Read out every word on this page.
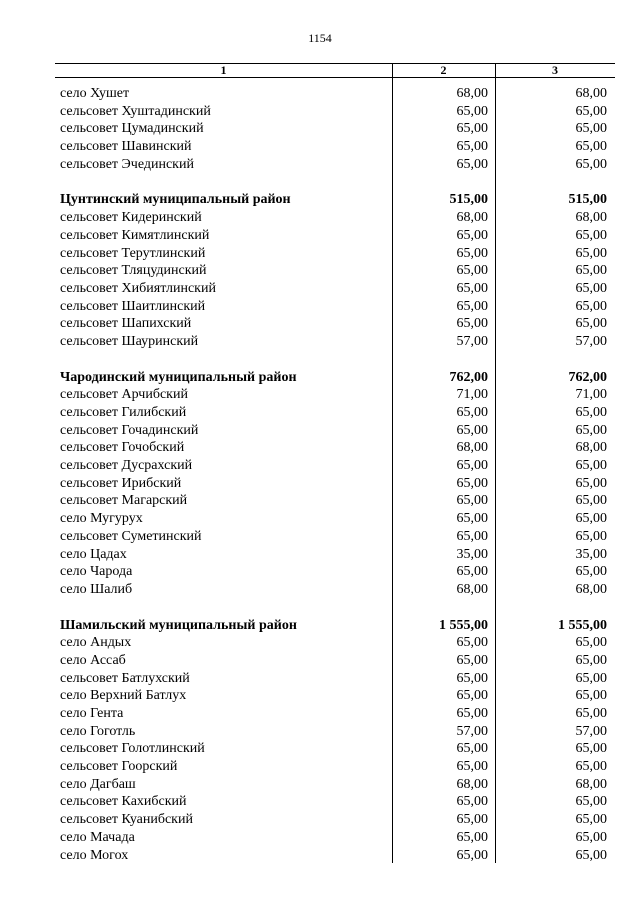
1154
1	2	3
село Хушет	68,00	68,00
сельсовет Хуштадинский	65,00	65,00
сельсовет Цумадинский	65,00	65,00
сельсовет Шавинский	65,00	65,00
сельсовет Эчединский	65,00	65,00
Цунтинский муниципальный район	515,00	515,00
сельсовет Кидеринский	68,00	68,00
сельсовет Кимятлинский	65,00	65,00
сельсовет Терутлинский	65,00	65,00
сельсовет Тляцудинский	65,00	65,00
сельсовет Хибиятлинский	65,00	65,00
сельсовет Шаитлинский	65,00	65,00
сельсовет Шапихский	65,00	65,00
сельсовет Шауринский	57,00	57,00
Чародинский муниципальный район	762,00	762,00
сельсовет Арчибский	71,00	71,00
сельсовет Гилибский	65,00	65,00
сельсовет Гочадинский	65,00	65,00
сельсовет Гочобский	68,00	68,00
сельсовет Дусрахский	65,00	65,00
сельсовет Ирибский	65,00	65,00
сельсовет Магарский	65,00	65,00
село Мугурух	65,00	65,00
сельсовет Суметинский	65,00	65,00
село Цадах	35,00	35,00
село Чарода	65,00	65,00
село Шалиб	68,00	68,00
Шамильский муниципальный район	1 555,00	1 555,00
село Андых	65,00	65,00
село Ассаб	65,00	65,00
сельсовет Батлухский	65,00	65,00
село Верхний Батлух	65,00	65,00
село Гента	65,00	65,00
село Гоготль	57,00	57,00
сельсовет Голотлинский	65,00	65,00
сельсовет Гоорский	65,00	65,00
село Дагбаш	68,00	68,00
сельсовет Кахибский	65,00	65,00
сельсовет Куанибский	65,00	65,00
село Мачада	65,00	65,00
село Могох	65,00	65,00
